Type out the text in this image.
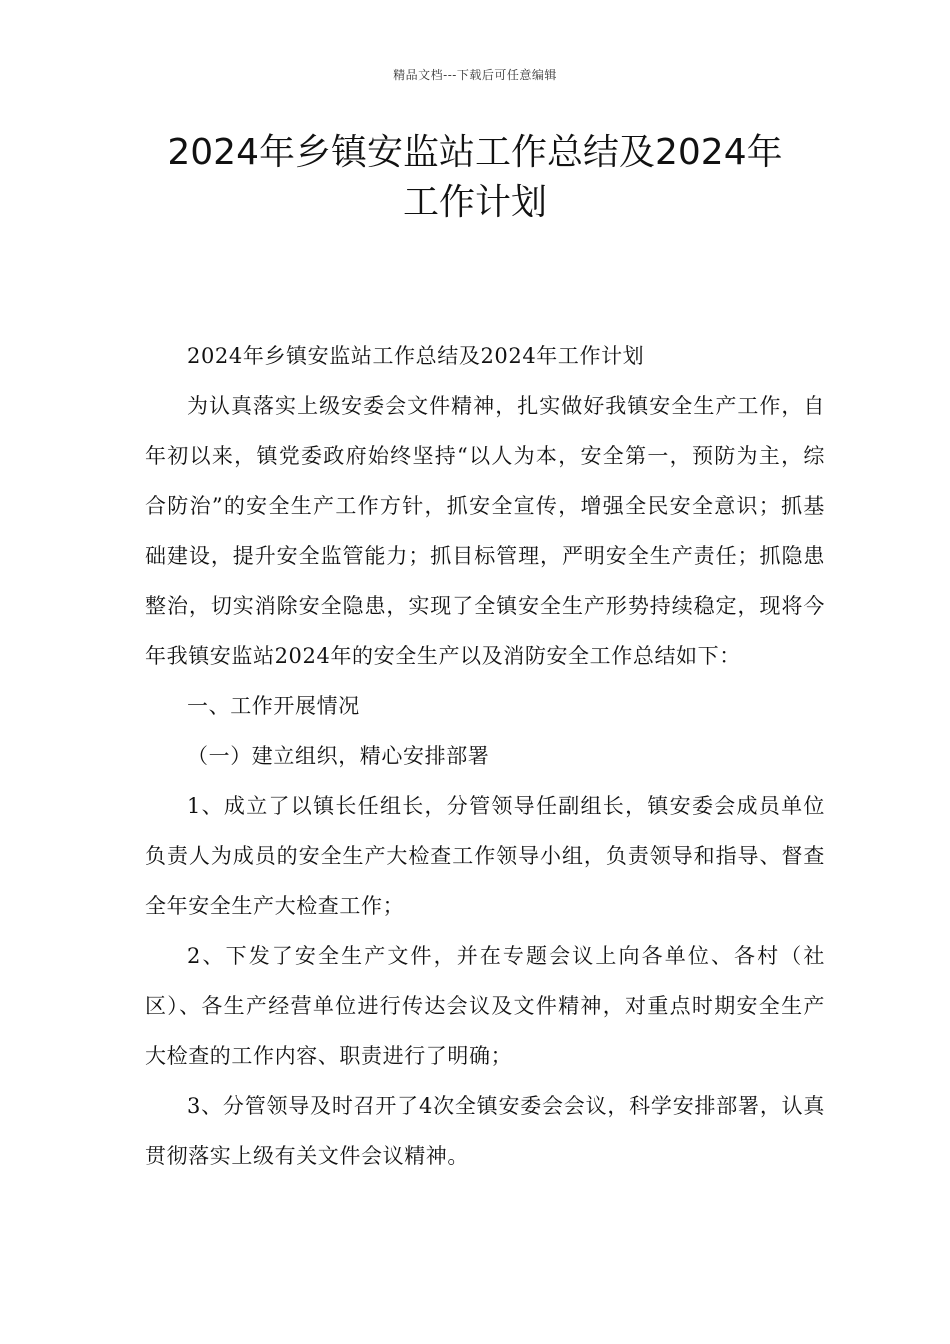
精品文档---下载后可任意编辑
2024年乡镇安监站工作总结及2024年
工作计划

2024年乡镇安监站工作总结及2024年工作计划

为认真落实上级安委会文件精神，扎实做好我镇安全生产工作，自年初以来，镇党委政府始终坚持“以人为本，安全第一，预防为主，综合防治”的安全生产工作方针，抓安全宣传，增强全民安全意识；抓基础建设，提升安全监管能力；抓目标管理，严明安全生产责任；抓隐患整治，切实消除安全隐患，实现了全镇安全生产形势持续稳定，现将今年我镇安监站2024年的安全生产以及消防安全工作总结如下：

一、工作开展情况

（一）建立组织，精心安排部署

1、成立了以镇长任组长，分管领导任副组长，镇安委会成员单位负责人为成员的安全生产大检查工作领导小组，负责领导和指导、督查全年安全生产大检查工作；

2、下发了安全生产文件，并在专题会议上向各单位、各村（社区）、各生产经营单位进行传达会议及文件精神，对重点时期安全生产大检查的工作内容、职责进行了明确；

3、分管领导及时召开了4次全镇安委会会议，科学安排部署，认真贯彻落实上级有关文件会议精神。
